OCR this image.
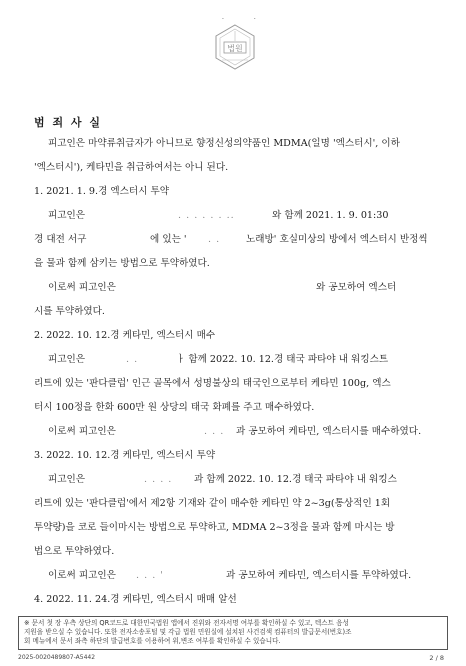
. .
법원
범 죄 사 실
피고인은 마약류취급자가 아니므로 향정신성의약품인 MDMA(일명 '엑스터시', 이하
'엑스터시'), 케타민을 취급하여서는 아니 된다.
1. 2021. 1. 9.경 엑스터시 투약
피고인은	. . . . . . ..	와 함께 2021. 1. 9. 01:30
경 대전 서구	에 있는 ' . .	노래방' 호실미상의 방에서 엑스터시 반정씩
을 물과 함께 삼키는 방법으로 투약하였다.
이로써 피고인은	와 공모하여 엑스터
시를 투약하였다.
2. 2022. 10. 12.경 케타민, 엑스터시 매수
피고인은	. .	ㅏ 함께 2022. 10. 12.경 태국 파타야 내 워킹스트
리트에 있는 '판다클럽' 인근 골목에서 성명불상의 태국인으로부터 케타민 100g, 엑스
터시 100정을 한화 600만 원 상당의 태국 화폐를 주고 매수하였다.
이로써 피고인은	. . . 과 공모하여 케타민, 엑스터시를 매수하였다.
3. 2022. 10. 12.경 케타민, 엑스터시 투약
피고인은	. . . . 과 함께 2022. 10. 12.경 태국 파타야 내 워킹스
리트에 있는 '판다클럽'에서 제2항 기재와 같이 매수한 케타민 약 2~3g(통상적인 1회
투약량)을 코로 들이마시는 방법으로 투약하고, MDMA 2~3정을 물과 함께 마시는 방
법으로 투약하였다.
이로써 피고인은 . . . '	과 공모하여 케타민, 엑스터시를 투약하였다.
4. 2022. 11. 24.경 케타민, 엑스터시 매매 알선
※ 문서 첫 장 우측 상단의 QR코드로 대한민국법원 앱에서 진위와 전자서명 여부를 확인하실 수 있고, 텍스트 음성
지원을 받으실 수 있습니다. 또한 전자소송포털 및 각급 법원 민원실에 설치된 사건검색 컴퓨터의 발급문서(번호)조
회 메뉴에서 문서 좌측 하단의 발급번호를 이용하여 위,변조 여부를 확인하실 수 있습니다.
2025-0020489807-A5442	2 / 8
